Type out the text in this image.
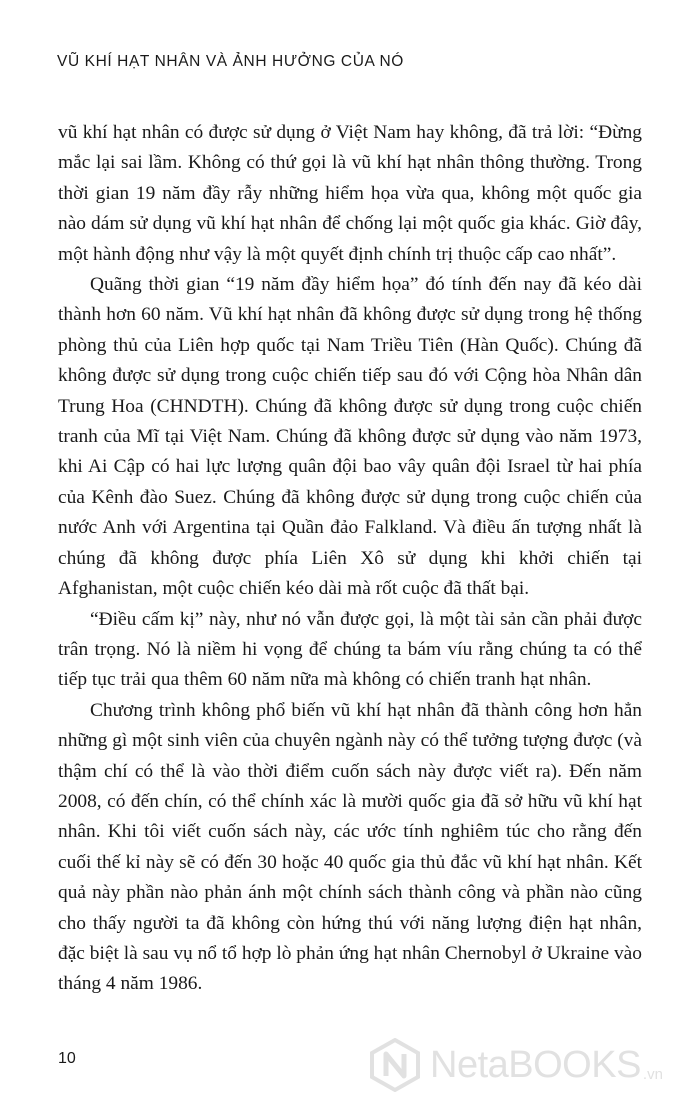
VŨ KHÍ HẠT NHÂN VÀ ẢNH HƯỞNG CỦA NÓ

vũ khí hạt nhân có được sử dụng ở Việt Nam hay không, đã trả lời: “Đừng mắc lại sai lầm. Không có thứ gọi là vũ khí hạt nhân thông thường. Trong thời gian 19 năm đầy rẫy những hiểm họa vừa qua, không một quốc gia nào dám sử dụng vũ khí hạt nhân để chống lại một quốc gia khác. Giờ đây, một hành động như vậy là một quyết định chính trị thuộc cấp cao nhất”.

Quãng thời gian “19 năm đầy hiểm họa” đó tính đến nay đã kéo dài thành hơn 60 năm. Vũ khí hạt nhân đã không được sử dụng trong hệ thống phòng thủ của Liên hợp quốc tại Nam Triều Tiên (Hàn Quốc). Chúng đã không được sử dụng trong cuộc chiến tiếp sau đó với Cộng hòa Nhân dân Trung Hoa (CHNDTH). Chúng đã không được sử dụng trong cuộc chiến tranh của Mĩ tại Việt Nam. Chúng đã không được sử dụng vào năm 1973, khi Ai Cập có hai lực lượng quân đội bao vây quân đội Israel từ hai phía của Kênh đào Suez. Chúng đã không được sử dụng trong cuộc chiến của nước Anh với Argentina tại Quần đảo Falkland. Và điều ấn tượng nhất là chúng đã không được phía Liên Xô sử dụng khi khởi chiến tại Afghanistan, một cuộc chiến kéo dài mà rốt cuộc đã thất bại.

“Điều cấm kị” này, như nó vẫn được gọi, là một tài sản cần phải được trân trọng. Nó là niềm hi vọng để chúng ta bám víu rằng chúng ta có thể tiếp tục trải qua thêm 60 năm nữa mà không có chiến tranh hạt nhân.

Chương trình không phổ biến vũ khí hạt nhân đã thành công hơn hẳn những gì một sinh viên của chuyên ngành này có thể tưởng tượng được (và thậm chí có thể là vào thời điểm cuốn sách này được viết ra). Đến năm 2008, có đến chín, có thể chính xác là mười quốc gia đã sở hữu vũ khí hạt nhân. Khi tôi viết cuốn sách này, các ước tính nghiêm túc cho rằng đến cuối thế kỉ này sẽ có đến 30 hoặc 40 quốc gia thủ đắc vũ khí hạt nhân. Kết quả này phần nào phản ánh một chính sách thành công và phần nào cũng cho thấy người ta đã không còn hứng thú với năng lượng điện hạt nhân, đặc biệt là sau vụ nổ tổ hợp lò phản ứng hạt nhân Chernobyl ở Ukraine vào tháng 4 năm 1986.

10	NetaBOOKS .vn
